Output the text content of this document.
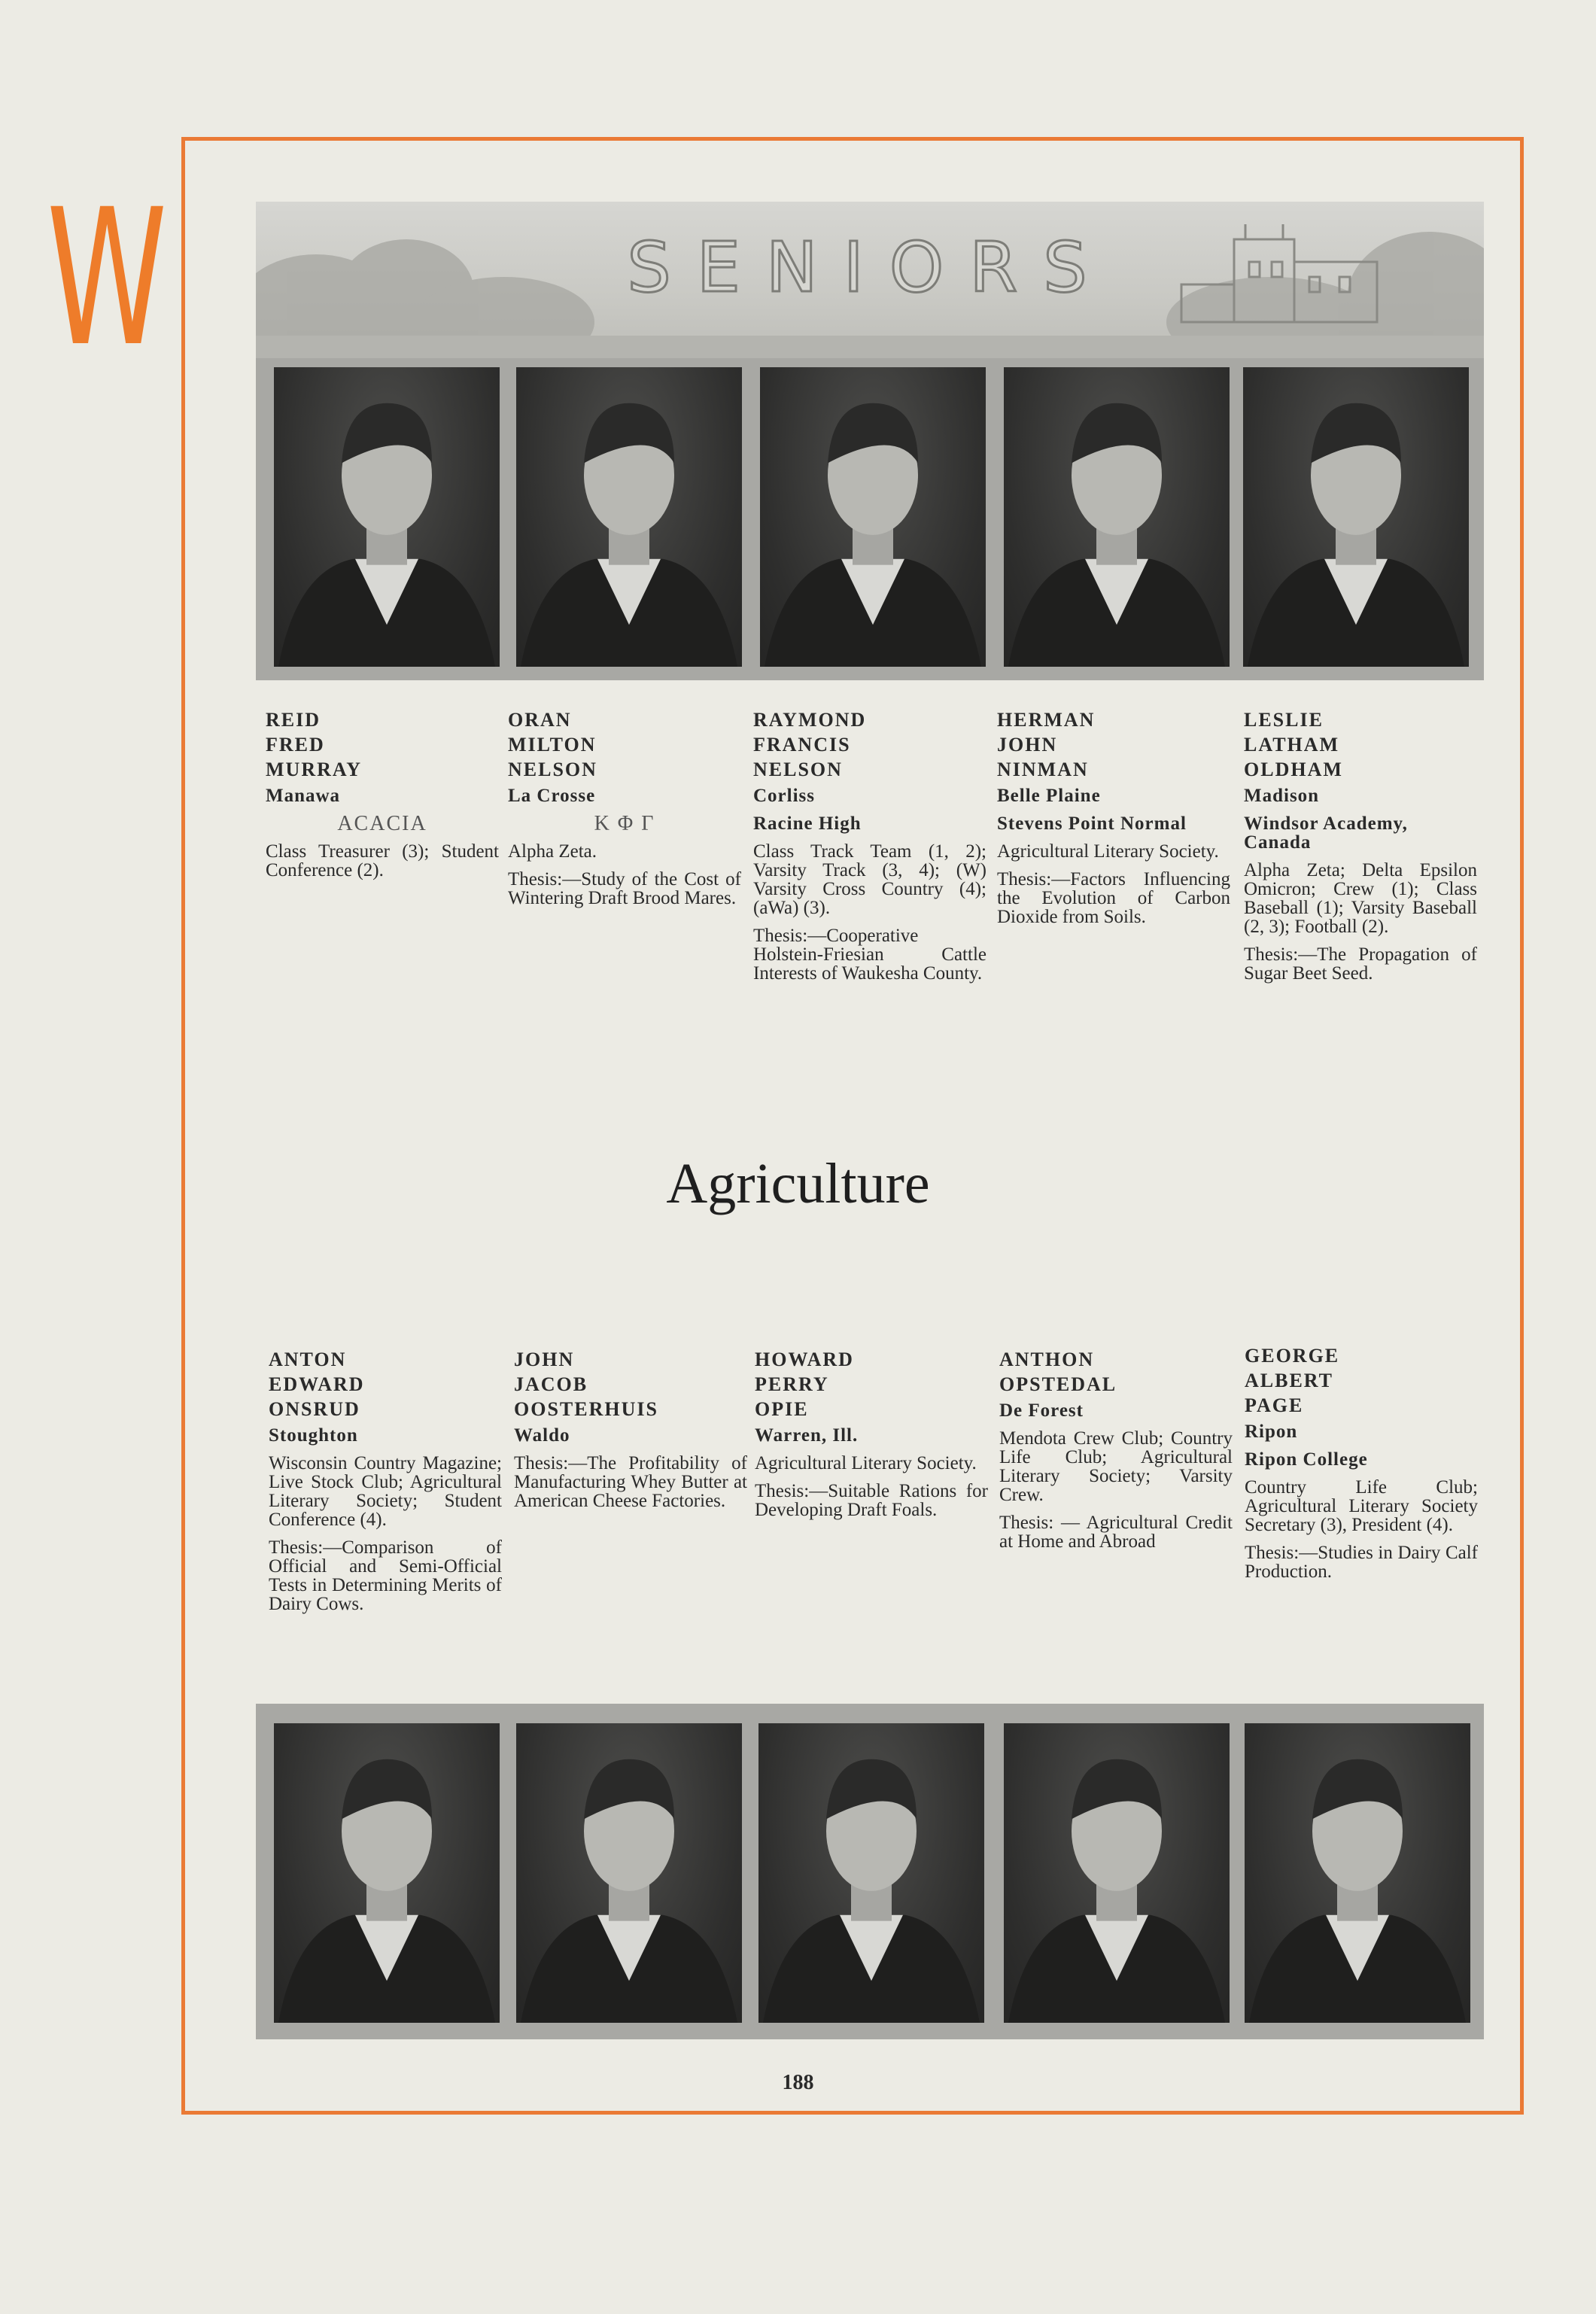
W	SENIORS
REID
FRED
MURRAY
Manawa
ACACIA
Class Treasurer (3); Student Conference (2).
ORAN
MILTON
NELSON
La Crosse
Κ Φ Γ
Alpha Zeta.
Thesis:—Study of the Cost of Wintering Draft Brood Mares.
RAYMOND
FRANCIS
NELSON
Corliss
Racine High
Class Track Team (1, 2); Varsity Track (3, 4); (W) Varsity Cross Country (4); (aWa) (3).
Thesis:—Cooperative Holstein-Friesian Cattle Interests of Waukesha County.
HERMAN
JOHN
NINMAN
Belle Plaine
Stevens Point Normal
Agricultural Literary Society.
Thesis:—Factors Influencing the Evolution of Carbon Dioxide from Soils.
LESLIE
LATHAM
OLDHAM
Madison
Windsor Academy, Canada
Alpha Zeta; Delta Epsilon Omicron; Crew (1); Class Baseball (1); Varsity Baseball (2, 3); Football (2).
Thesis:—The Propagation of Sugar Beet Seed.
Agriculture
ANTON
EDWARD
ONSRUD
Stoughton
Wisconsin Country Magazine; Live Stock Club; Agricultural Literary Society; Student Conference (4).
Thesis:—Comparison of Official and Semi-Official Tests in Determining Merits of Dairy Cows.
JOHN
JACOB
OOSTERHUIS
Waldo
Thesis:—The Profitability of Manufacturing Whey Butter at American Cheese Factories.
HOWARD
PERRY
OPIE
Warren, Ill.
Agricultural Literary Society.
Thesis:—Suitable Rations for Developing Draft Foals.
ANTHON
OPSTEDAL
De Forest
Mendota Crew Club; Country Life Club; Agricultural Literary Society; Varsity Crew.
Thesis: — Agricultural Credit at Home and Abroad
GEORGE
ALBERT
PAGE
Ripon
Ripon College
Country Life Club; Agricultural Literary Society Secretary (3), President (4).
Thesis:—Studies in Dairy Calf Production.
188
